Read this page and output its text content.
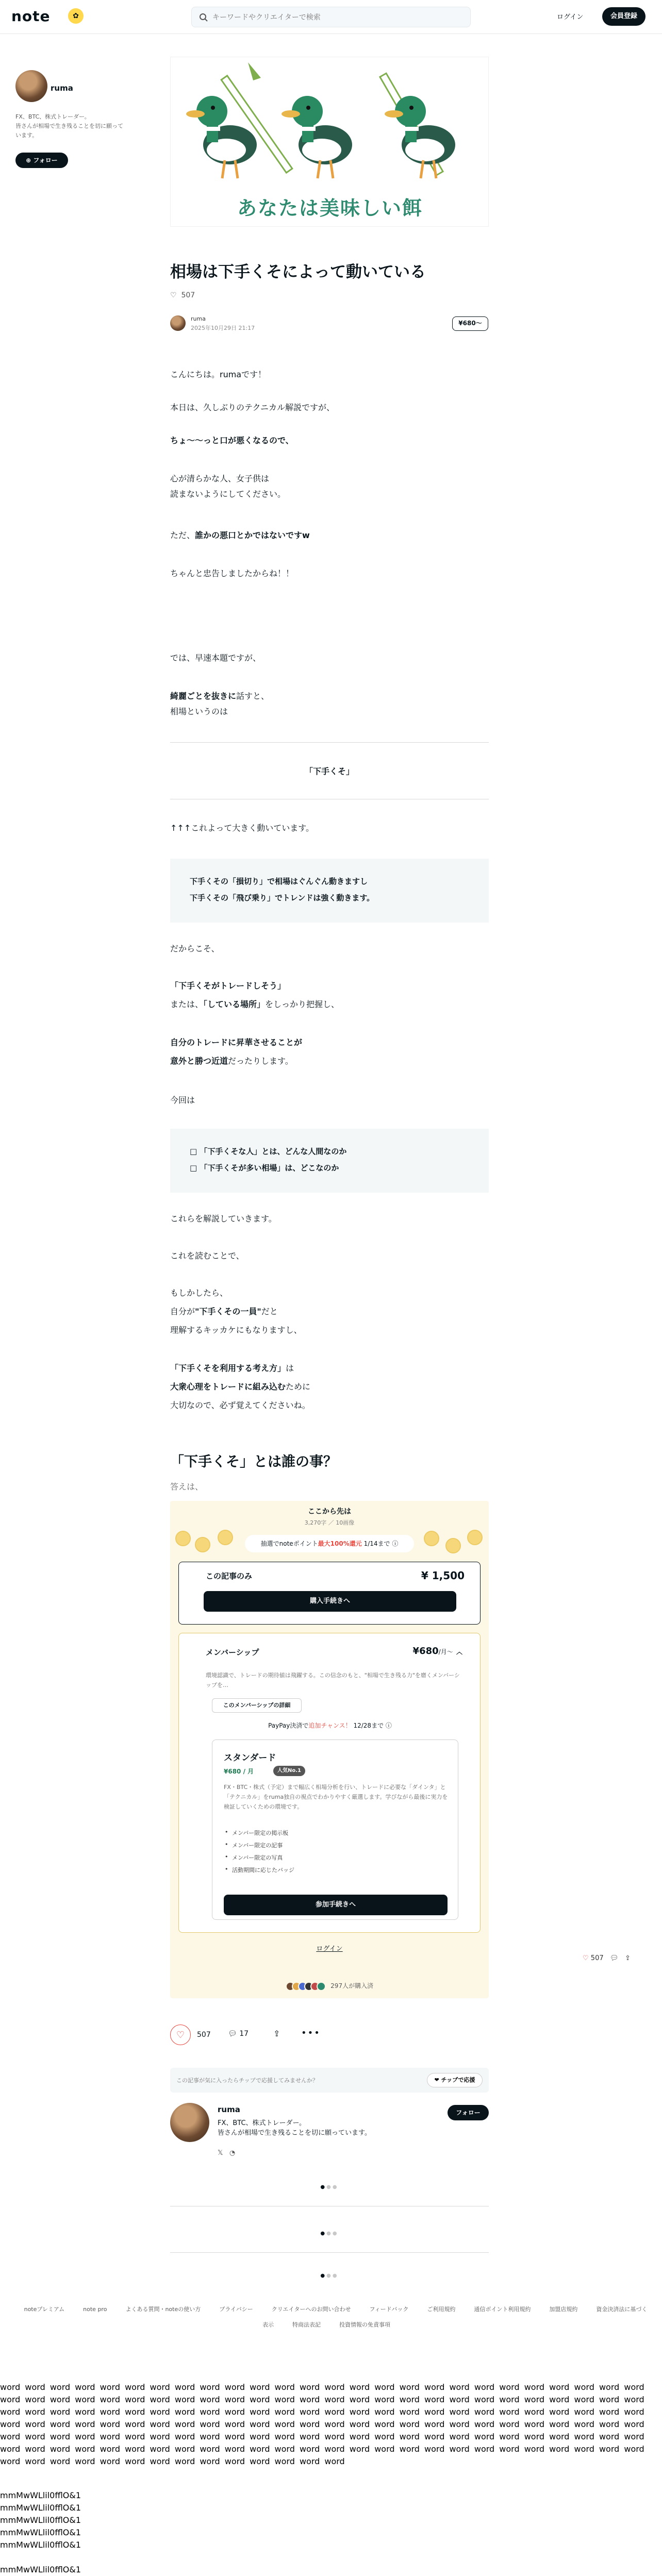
note	✿
キーワードやクリエイターで検索	ログイン	会員登録
ruma
FX、BTC、株式トレーダー。
皆さんが相場で生き残ることを切に願っています。
⊕ フォロー
あなたは美味しい餌
相場は下手くそによって動いている
♡ 507
ruma
2025年10月29日 21:17
¥680〜
こんにちは。rumaです！
本日は、久しぶりのテクニカル解説ですが、
ちょ〜〜っと口が悪くなるので、
心が清らかな人、女子供は
読まないようにしてください。
ただ、誰かの悪口とかではないですw
ちゃんと忠告しましたからね！！
では、早速本題ですが、
綺麗ごとを抜きに話すと、
相場というのは
「下手くそ」
↑↑↑これよって大きく動いています。
下手くその「損切り」で相場はぐんぐん動きますし
下手くその「飛び乗り」でトレンドは強く動きます。
だからこそ、
「下手くそがトレードしそう」
または、「している場所」をしっかり把握し、
自分のトレードに昇華させることが
意外と勝つ近道だったりします。
今回は
□ 「下手くそな人」とは、どんな人間なのか
□ 「下手くそが多い相場」は、どこなのか
これらを解説していきます。
これを読むことで、
もしかしたら、
自分が"下手くその一員"だと
理解するキッカケにもなりますし、
「下手くそを利用する考え方」は
大衆心理をトレードに組み込むために
大切なので、必ず覚えてくださいね。
「下手くそ」とは誰の事？
答えは、
ここから先は
3,270字 ／ 10画像
抽選でnoteポイント最大100%還元 1/14まで ⓘ
この記事のみ	¥ 1,500
購入手続きへ
メンバーシップ	¥680/月〜 ︿
環境認識で、トレードの期待値は飛躍する。この信念のもと、"相場で生き残る力"を磨くメンバーシップを…
このメンバーシップの詳細
PayPay決済で追加チャンス！ 12/28まで ⓘ
スタンダード
¥680 / 月	人気No.1
FX・BTC・株式（予定）まで幅広く相場分析を行い、トレードに必要な「ダインタ」と「テクニカル」をruma独自の視点でわかりやすく厳選します。学びながら最後に実力を検証していくための環境です。
• メンバー限定の掲示板
• メンバー限定の記事
• メンバー限定の写真
• 活動期間に応じたバッジ
参加手続きへ
ログイン
297人が購入済
♡	507 💬︎ 17	⇪ •••
この記事が気に入ったらチップで応援してみませんか？	❤ チップで応援
ruma
FX、BTC、株式トレーダー。
皆さんが相場で生き残ることを切に願っています。
フォロー
𝕏 ◔
●●●
●●●
●●●
♡ 507 💬︎ ⇪
noteプレミアム	note pro	よくある質問・noteの使い方	プライバシー	クリエイターへのお問い合わせ	フィードバック	ご利用規約	通信ボイント利用規約	加盟店規約	資金決済法に基づく表示	特商法表記	投資情報の免責事項
word word word word word word word word word word word word word word word word word word word word word word word word word word word word word word word word word word word word word word word word word word word word word word word word word word word word word word word word word word word word word word word word word word word word word word word word word word word word word word word word word word word word word word word word word word word word word word word word word word word word word word word word word word word word word word word word word word word word word word word word word word word word word word word word word word word word word word word word word word word word word word word word word word word word word word word word word word word word word word word word word word word word word word word word word word
mmMwWLlil0fflO&1
mmMwWLlil0fflO&1
mmMwWLlil0fflO&1
mmMwWLlil0fflO&1
mmMwWLlil0fflO&1
mmMwWLlil0fflO&1
